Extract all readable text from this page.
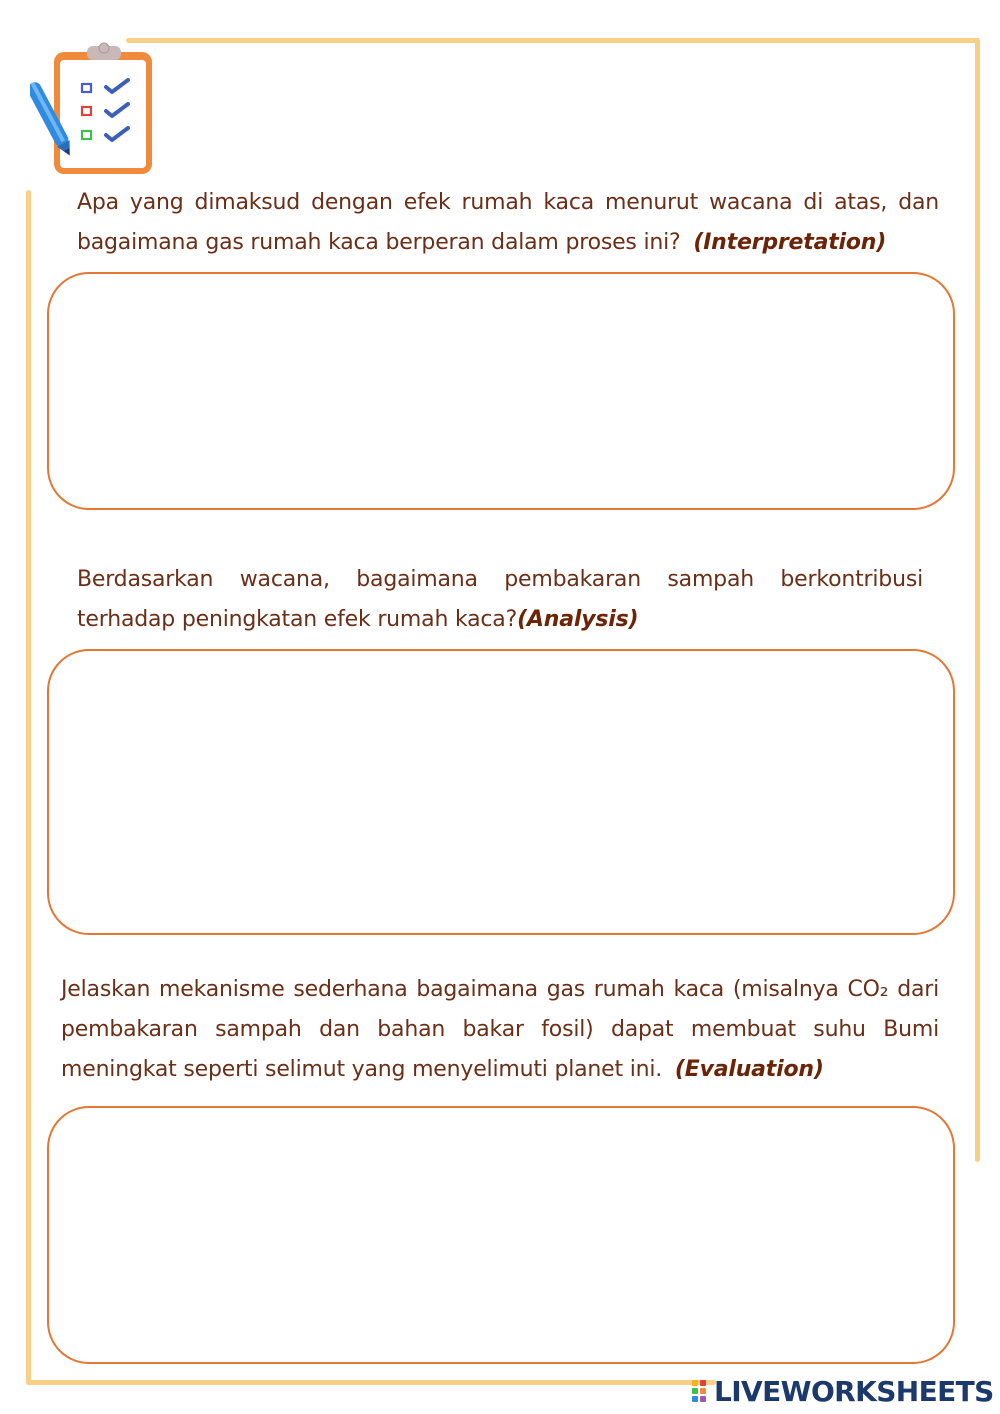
Apa yang dimaksud dengan efek rumah kaca menurut wacana di atas, dan bagaimana gas rumah kaca berperan dalam proses ini? (Interpretation)
Berdasarkan wacana, bagaimana pembakaran sampah berkontribusi terhadap peningkatan efek rumah kaca?(Analysis)
Jelaskan mekanisme sederhana bagaimana gas rumah kaca (misalnya CO₂ dari pembakaran sampah dan bahan bakar fosil) dapat membuat suhu Bumi meningkat seperti selimut yang menyelimuti planet ini. (Evaluation)
LIVEWORKSHEETS
